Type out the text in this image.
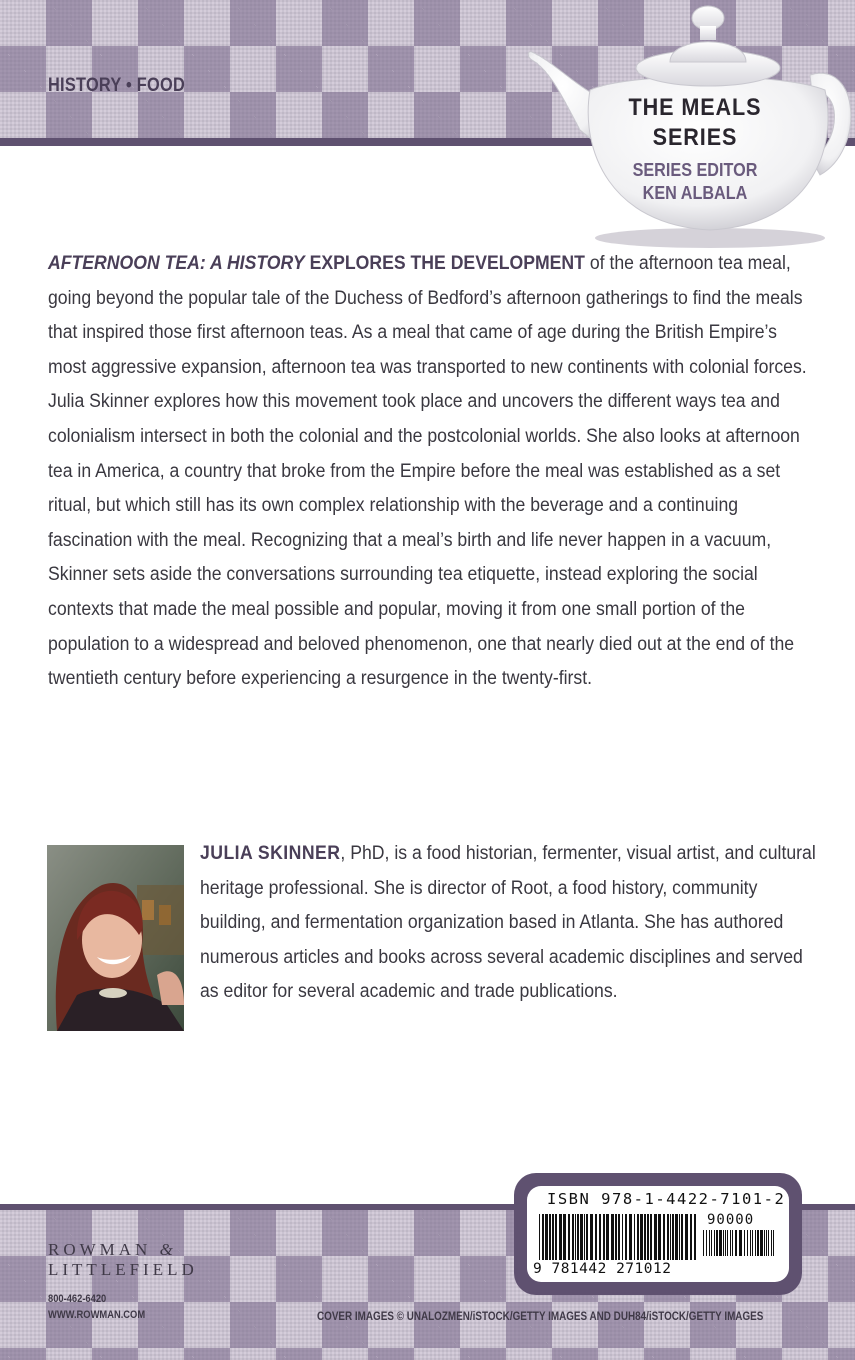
HISTORY • FOOD
THE MEALS
SERIES
SERIES EDITOR
KEN ALBALA
AFTERNOON TEA: A HISTORY EXPLORES THE DEVELOPMENT of the afternoon tea meal, going beyond the popular tale of the Duchess of Bedford’s afternoon gatherings to find the meals that inspired those first afternoon teas. As a meal that came of age during the British Empire’s most aggressive expansion, afternoon tea was transported to new continents with colonial forces. Julia Skinner explores how this movement took place and uncovers the different ways tea and colonialism intersect in both the colonial and the postcolonial worlds. She also looks at afternoon tea in America, a country that broke from the Empire before the meal was established as a set ritual, but which still has its own complex relationship with the beverage and a continuing fascination with the meal. Recognizing that a meal’s birth and life never happen in a vacuum, Skinner sets aside the conversations surrounding tea etiquette, instead exploring the social contexts that made the meal possible and popular, moving it from one small portion of the population to a widespread and beloved phenomenon, one that nearly died out at the end of the twentieth century before experiencing a resurgence in the twenty-first.
JULIA SKINNER, PhD, is a food historian, fermenter, visual artist, and cultural heritage professional. She is director of Root, a food history, community building, and fermentation organization based in Atlanta. She has authored numerous articles and books across several academic disciplines and served as editor for several academic and trade publications.
ROWMAN &
LITTLEFIELD
800-462-6420
WWW.ROWMAN.COM	COVER IMAGES © UNALOZMEN/iSTOCK/GETTY IMAGES AND DUH84/iSTOCK/GETTY IMAGES
ISBN 978-1-4422-7101-2
9 781442 271012
90000
